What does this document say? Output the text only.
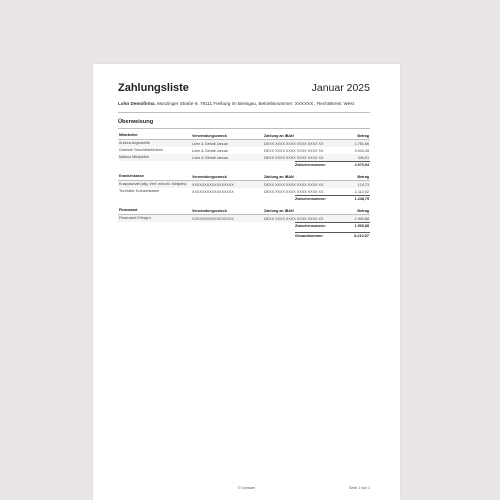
Zahlungsliste	Januar 2025
Lohn Demofirma, Munzinger Straße 9, 79111 Freiburg im Breisgau, Betriebsnummer: XXXXXX , Rechtskreis: West
Überweisung
Mitarbeiter	Verwendungszweck	Zahlung an IBAN	Betrag
Andrea Angestellte	Lohn & Gehalt Januar	DEXX XXXX XXXX XXXX XXXX XX	1.781,66
Gabriele Geschäftsführerin	Lohn & Gehalt Januar	DEXX XXXX XXXX XXXX XXXX XX	3.943,45
Markus Minijobber	Lohn & Gehalt Januar	DEXX XXXX XXXX XXXX XXXX XX	345,51
Zwischensumme:	4.070,94
Krankenkasse	Verwendungszweck	Zahlung an IBAN	Betrag
Knappschaft (allg. Verf. einschl. Minijobs)	XXXXXXXXXXXXXXXXX	DEXX XXXX XXXX XXXX XXXX XX	124,73
Techniker Krankenkasse	XXXXXXXXXXXXXXXXX	DEXX XXXX XXXX XXXX XXXX XX	1.114,02
Zwischensumme:	1.238,75
Finanzamt	Verwendungszweck	Zahlung an IBAN	Betrag
Finanzamt Ehingen	XXXXXXXXXXXXXXXXX	DEXX XXXX XXXX XXXX XXXX XX	1.900,88
Zwischensumme:	1.900,88
Gesamtsumme:	8.210,57
© Lexware	Seite 1 von 1
